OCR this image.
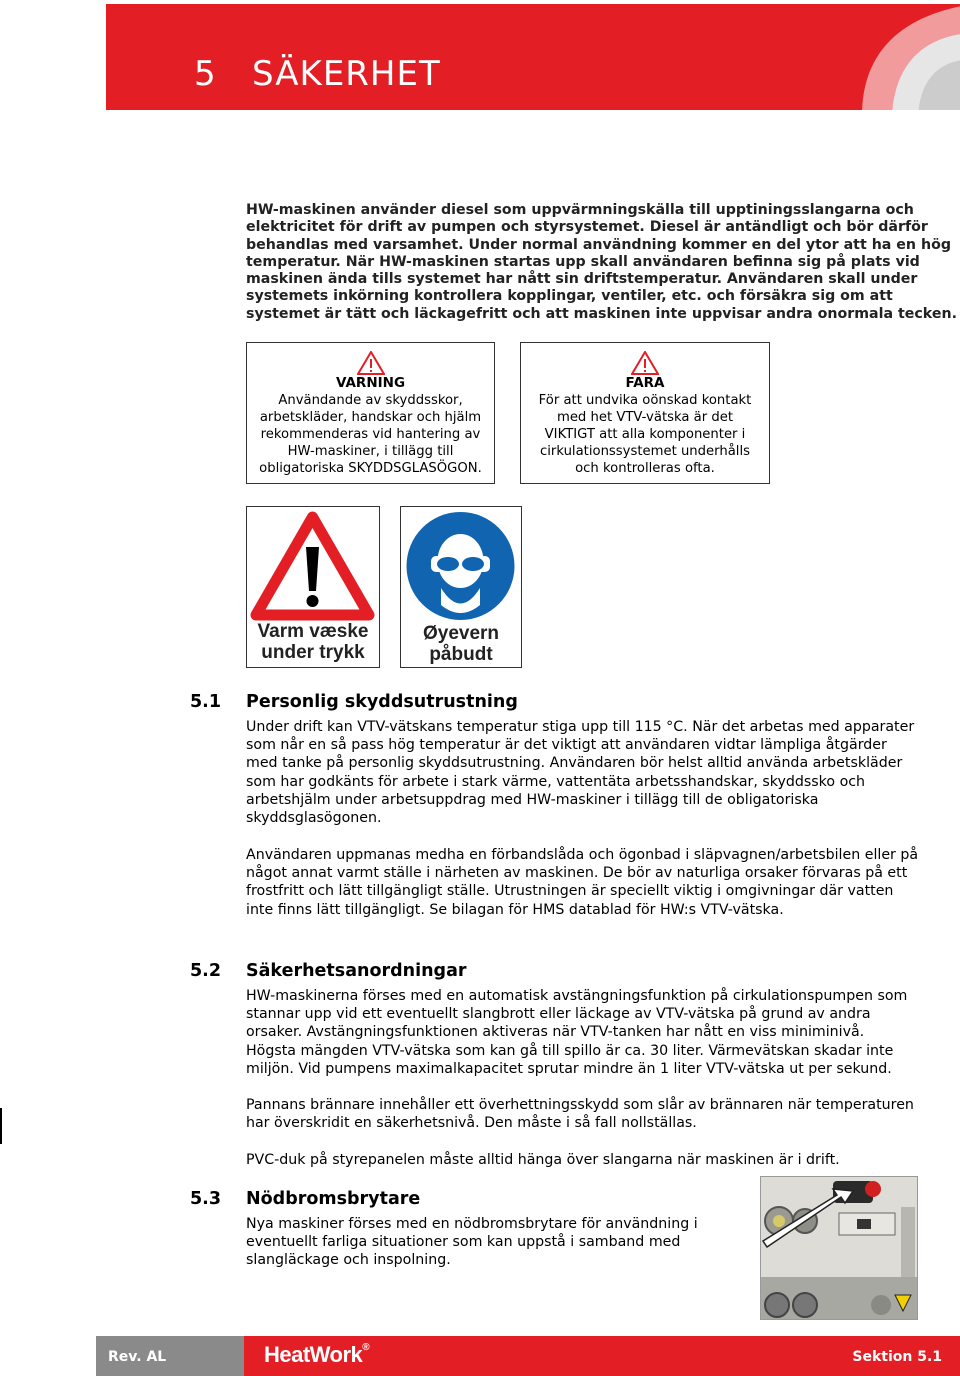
5   SÄKERHET

HW-maskinen använder diesel som uppvärmningskälla till upptiningsslangarna och

elektricitet för drift av pumpen och styrsystemet. Diesel är antändligt och bör därför

behandlas med varsamhet. Under normal användning kommer en del ytor att ha en hög

temperatur. När HW-maskinen startas upp skall användaren befinna sig på plats vid

maskinen ända tills systemet har nått sin driftstemperatur. Användaren skall under

systemets inkörning kontrollera kopplingar, ventiler, etc. och försäkra sig om att

systemet är tätt och läckagefritt och att maskinen inte uppvisar andra onormala tecken.

VARNING
Användande av skyddsskor,
arbetskläder, handskar och hjälm
rekommenderas vid hantering av
HW-maskiner, i tillägg till
obligatoriska SKYDDSGLASÖGON.
FARA
För att undvika oönskad kontakt
med het VTV-vätska är det
VIKTIGT att alla komponenter i
cirkulationssystemet underhålls
och kontrolleras ofta.
Varm væske
under trykk
Øyevern
påbudt
5.1 Personlig skyddsutrustning

Under drift kan VTV-vätskans temperatur stiga upp till 115 °C. När det arbetas med apparater

som når en så pass hög temperatur är det viktigt att användaren vidtar lämpliga åtgärder

med tanke på personlig skyddsutrustning. Användaren bör helst alltid använda arbetskläder

som har godkänts för arbete i stark värme, vattentäta arbetsshandskar, skyddssko och

arbetshjälm under arbetsuppdrag med HW-maskiner i tillägg till de obligatoriska

skyddsglasögonen.

Användaren uppmanas medha en förbandslåda och ögonbad i släpvagnen/arbetsbilen eller på

något annat varmt ställe i närheten av maskinen. De bör av naturliga orsaker förvaras på ett

frostfritt och lätt tillgängligt ställe. Utrustningen är speciellt viktig i omgivningar där vatten

inte finns lätt tillgängligt. Se bilagan för HMS datablad för HW:s VTV-vätska.

5.2 Säkerhetsanordningar

HW-maskinerna förses med en automatisk avstängningsfunktion på cirkulationspumpen som

stannar upp vid ett eventuellt slangbrott eller läckage av VTV-vätska på grund av andra

orsaker. Avstängningsfunktionen aktiveras när VTV-tanken har nått en viss miniminivå.

Högsta mängden VTV-vätska som kan gå till spillo är ca. 30 liter. Värmevätskan skadar inte

miljön. Vid pumpens maximalkapacitet sprutar mindre än 1 liter VTV-vätska ut per sekund.

Pannans brännare innehåller ett överhettningsskydd som slår av brännaren när temperaturen

har överskridit en säkerhetsnivå. Den måste i så fall nollställas.

PVC-duk på styrepanelen måste alltid hänga över slangarna när maskinen är i drift.

5.3 Nödbromsbrytare

Nya maskiner förses med en nödbromsbrytare för användning i

eventuellt farliga situationer som kan uppstå i samband med

slangläckage och inspolning.

Rev. AL	HeatWork®
Sektion 5.1
